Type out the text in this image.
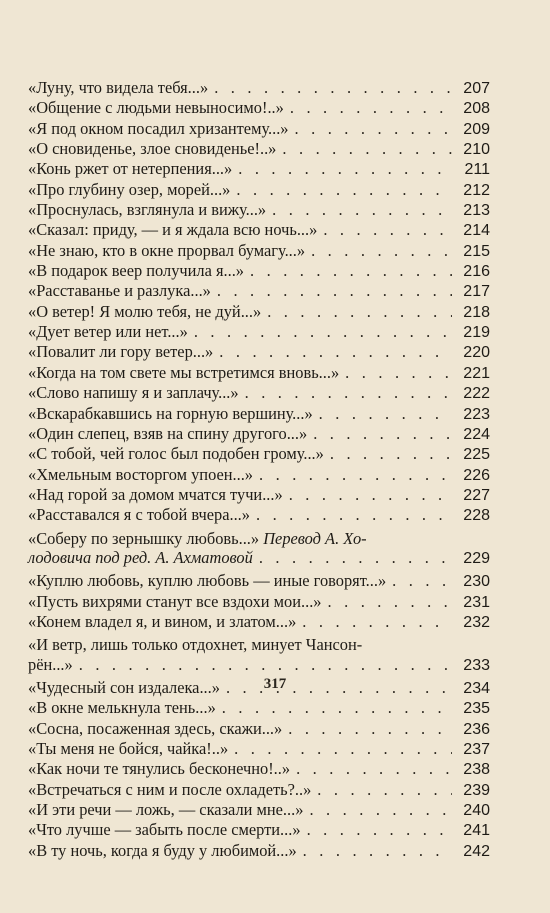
«Луну, что видела тебя...» . . .	207
«Общение с людьми невыносимо!..» . . .	208
«Я под окном посадил хризантему...» . . .	209
«О сновиденье, злое сновиденье!..» . . .	210
«Конь ржет от нетерпения...» . . .	211
«Про глубину озер, морей...» . . .	212
«Проснулась, взглянула и вижу...» . . .	213
«Сказал: приду, — и я ждала всю ночь...» . . .	214
«Не знаю, кто в окне прорвал бумагу...» . . .	215
«В подарок веер получила я...» . . .	216
«Расставанье и разлука...» . . .	217
«О ветер! Я молю тебя, не дуй...» . . .	218
«Дует ветер или нет...» . . .	219
«Повалит ли гору ветер...» . . .	220
«Когда на том свете мы встретимся вновь...» . . .	221
«Слово напишу я и заплачу...» . . .	222
«Вскарабкавшись на горную вершину...» . . .	223
«Один слепец, взяв на спину другого...» . . .	224
«С тобой, чей голос был подобен грому...» . . .	225
«Хмельным восторгом упоен...» . . .	226
«Над горой за домом мчатся тучи...» . . .	227
«Расставался я с тобой вчера...» . . .	228
«Соберу по зернышку любовь...» Перевод А. Хо-
лодовича под ред. А. Ахматовой . . .	229
«Куплю любовь, куплю любовь — иные говорят...» . . .	230
«Пусть вихрями станут все вздохи мои...» . . .	231
«Конем владел я, и вином, и златом...» . . .	232
«И ветр, лишь только отдохнет, минует Чансон-
рён...» . . .	233
«Чудесный сон издалека...» . . .	234
«В окне мелькнула тень...» . . .	235
«Сосна, посаженная здесь, скажи...» . . .	236
«Ты меня не бойся, чайка!..» . . .	237
«Как ночи те тянулись бесконечно!..» . . .	238
«Встречаться с ним и после охладеть?..» . . .	239
«И эти речи — ложь, — сказали мне...» . . .	240
«Что лучше — забыть после смерти...» . . .	241
«В ту ночь, когда я буду у любимой...» . . .	242
317
